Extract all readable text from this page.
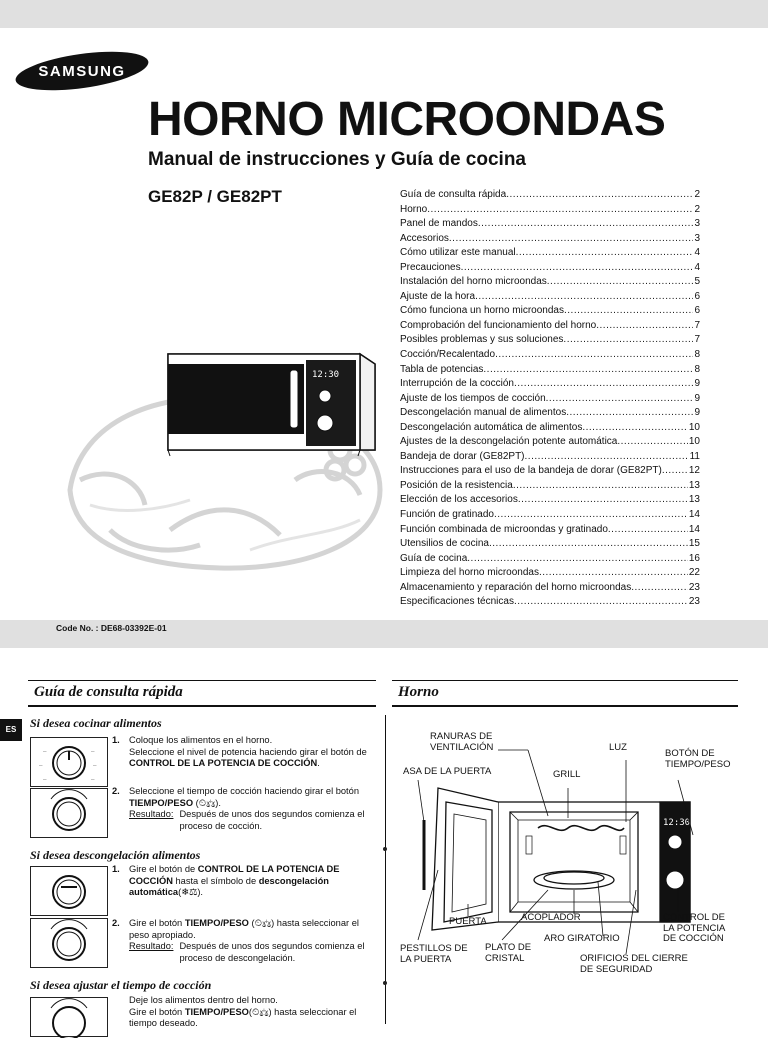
SAMSUNG
HORNO MICROONDAS
Manual de instrucciones y Guía de cocina
GE82P / GE82PT
12:30
Guía de consulta rápida .....	2
Horno .....	2
Panel de mandos .....	3
Accesorios .....	3
Cómo utilizar este manual .....	4
Precauciones .....	4
Instalación del horno microondas .....	5
Ajuste de la hora .....	6
Cómo funciona un horno microondas .....	6
Comprobación del funcionamiento del horno .....	7
Posibles problemas y sus soluciones .....	7
Cocción/Recalentado .....	8
Tabla de potencias .....	8
Interrupción de la cocción .....	9
Ajuste de los tiempos de cocción .....	9
Descongelación manual de alimentos .....	9
Descongelación automática de alimentos .....	10
Ajustes de la descongelación potente automática .....	10
Bandeja de dorar (GE82PT) .....	11
Instrucciones para el uso de la bandeja de dorar (GE82PT) .....	12
Posición de la resistencia .....	13
Elección de los accesorios .....	13
Función de gratinado .....	14
Función combinada de microondas y gratinado .....	14
Utensilios de cocina .....	15
Guía de cocina .....	16
Limpieza del horno microondas .....	22
Almacenamiento y reparación del horno microondas .....	23
Especificaciones técnicas .....	23
Code No. : DE68-03392E-01
Guía de consulta rápida	Horno
ES	Si desea cocinar alimentos
—	—
—	—
—	—
1. Coloque los alimentos en el horno.
Seleccione el nivel de potencia haciendo girar el botón de CONTROL DE LA POTENCIA DE COCCIÓN.
2. Seleccione el tiempo de cocción haciendo girar el botón
TIEMPO/PESO (⏲⚖).
Resultado: Después de unos dos segundos comienza el proceso de cocción.
Si desea descongelación alimentos
1. Gire el botón de CONTROL DE LA POTENCIA DE COCCIÓN hasta el símbolo de descongelación automática(❄⚖).
2. Gire el botón TIEMPO/PESO (⏲⚖) hasta seleccionar el peso apropiado.
Resultado: Después de unos dos segundos comienza el proceso de descongelación.
Si desea ajustar el tiempo de cocción
Deje los alimentos dentro del horno.
Gire el botón TIEMPO/PESO(⏲⚖) hasta seleccionar el
tiempo deseado.
12:30
RANURAS DE
VENTILACIÓN	LUZ
BOTÓN DE
TIEMPO/PESO
ASA DE LA PUERTA	GRILL
PUERTA	ACOPLADOR	CONTROL DE
LA POTENCIA
DE COCCIÓN
ARO GIRATORIO
PESTILLOS DE
LA PUERTA
PLATO DE
CRISTAL	ORIFICIOS DEL CIERRE
DE SEGURIDAD
